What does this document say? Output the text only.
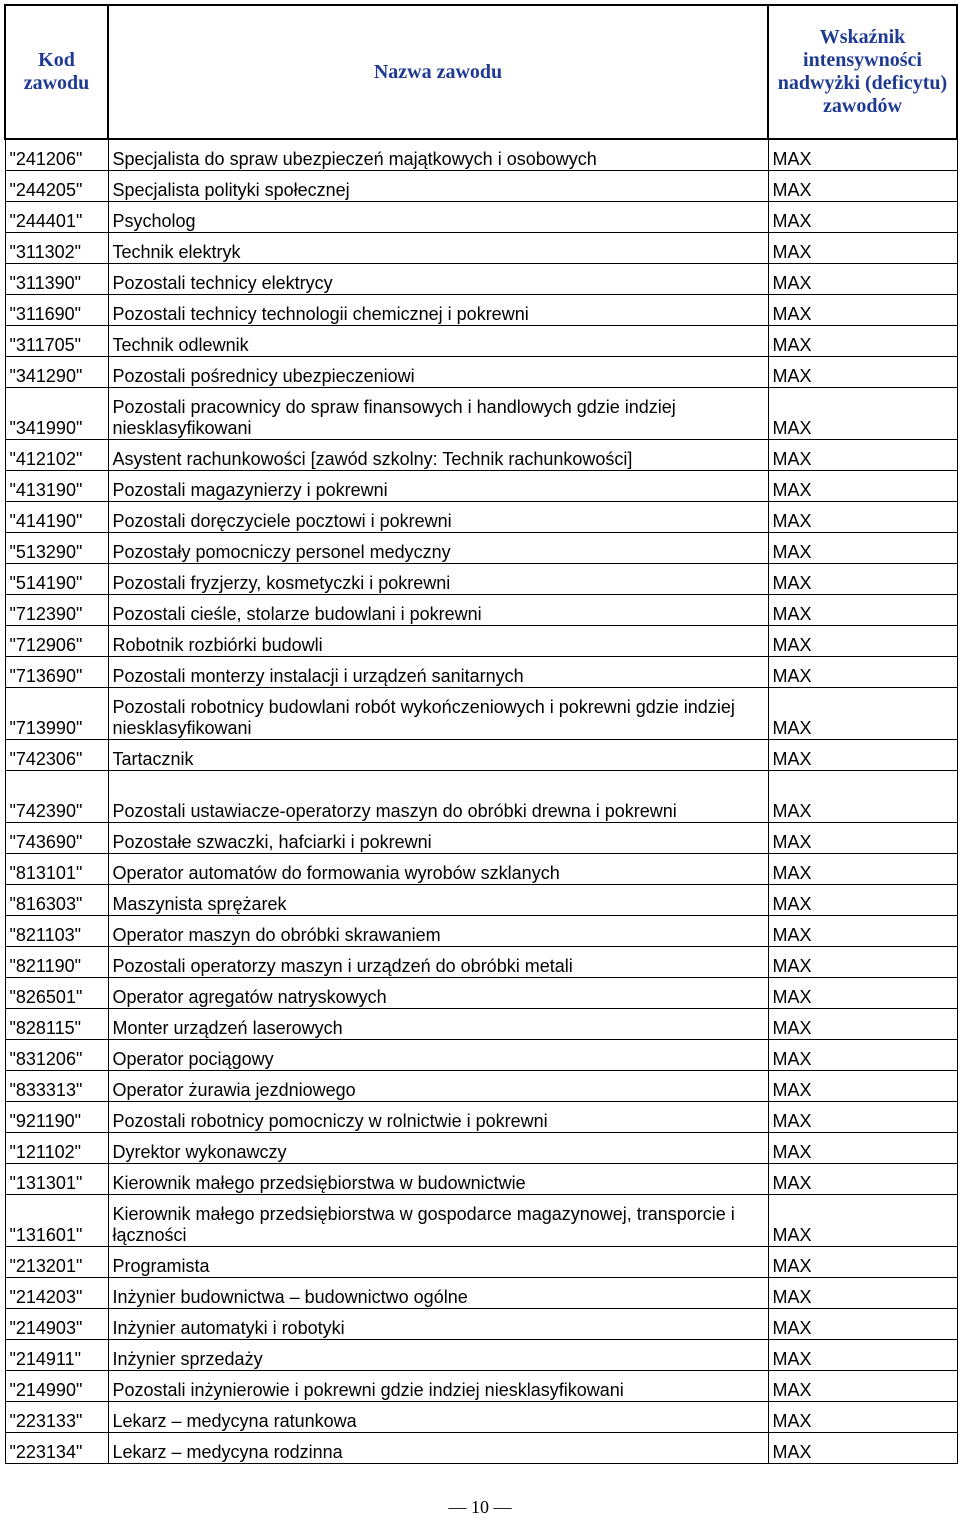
Kod zawodu	Nazwa zawodu	Wskaźnik intensywności nadwyżki (deficytu) zawodów
"241206"	Specjalista do spraw ubezpieczeń majątkowych i osobowych	MAX
"244205"	Specjalista polityki społecznej	MAX
"244401"	Psycholog	MAX
"311302"	Technik elektryk	MAX
"311390"	Pozostali technicy elektrycy	MAX
"311690"	Pozostali technicy technologii chemicznej i pokrewni	MAX
"311705"	Technik odlewnik	MAX
"341290"	Pozostali pośrednicy ubezpieczeniowi	MAX
"341990"	Pozostali pracownicy do spraw finansowych i handlowych gdzie indziej niesklasyfikowani	MAX
"412102"	Asystent rachunkowości [zawód szkolny: Technik rachunkowości]	MAX
"413190"	Pozostali magazynierzy i pokrewni	MAX
"414190"	Pozostali doręczyciele pocztowi i pokrewni	MAX
"513290"	Pozostały pomocniczy personel medyczny	MAX
"514190"	Pozostali fryzjerzy, kosmetyczki i pokrewni	MAX
"712390"	Pozostali cieśle, stolarze budowlani i pokrewni	MAX
"712906"	Robotnik rozbiórki budowli	MAX
"713690"	Pozostali monterzy instalacji i urządzeń sanitarnych	MAX
"713990"	Pozostali robotnicy budowlani robót wykończeniowych i pokrewni gdzie indziej niesklasyfikowani	MAX
"742306"	Tartacznik	MAX
"742390"	Pozostali ustawiacze-operatorzy maszyn do obróbki drewna i pokrewni	MAX
"743690"	Pozostałe szwaczki, hafciarki i pokrewni	MAX
"813101"	Operator automatów do formowania wyrobów szklanych	MAX
"816303"	Maszynista sprężarek	MAX
"821103"	Operator maszyn do obróbki skrawaniem	MAX
"821190"	Pozostali operatorzy maszyn i urządzeń do obróbki metali	MAX
"826501"	Operator agregatów natryskowych	MAX
"828115"	Monter urządzeń laserowych	MAX
"831206"	Operator pociągowy	MAX
"833313"	Operator żurawia jezdniowego	MAX
"921190"	Pozostali robotnicy pomocniczy w rolnictwie i pokrewni	MAX
"121102"	Dyrektor wykonawczy	MAX
"131301"	Kierownik małego przedsiębiorstwa w budownictwie	MAX
"131601"	Kierownik małego przedsiębiorstwa w gospodarce magazynowej, transporcie i łączności	MAX
"213201"	Programista	MAX
"214203"	Inżynier budownictwa – budownictwo ogólne	MAX
"214903"	Inżynier automatyki i robotyki	MAX
"214911"	Inżynier sprzedaży	MAX
"214990"	Pozostali inżynierowie i pokrewni gdzie indziej niesklasyfikowani	MAX
"223133"	Lekarz – medycyna ratunkowa	MAX
"223134"	Lekarz – medycyna rodzinna	MAX
— 10 —
